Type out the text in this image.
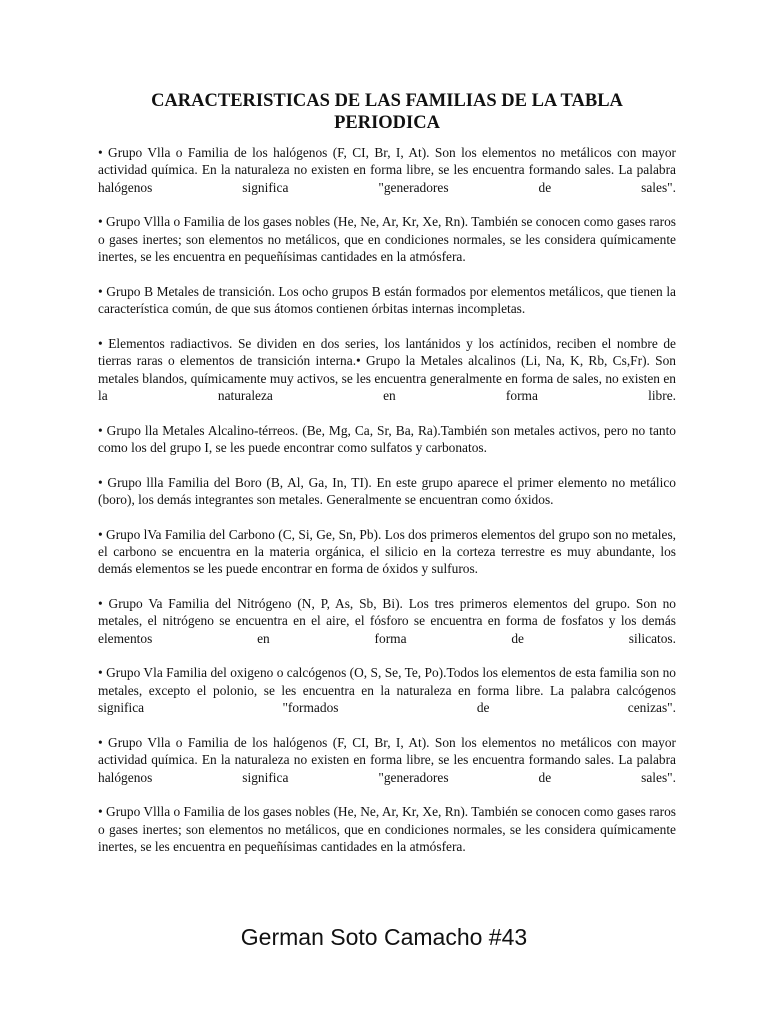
CARACTERISTICAS DE LAS FAMILIAS DE LA TABLA PERIODICA

• Grupo Vlla o Familia de los halógenos (F, CI, Br, I, At). Son los elementos no metálicos con mayor actividad química. En la naturaleza no existen en forma libre, se les encuentra formando sales. La palabra halógenos significa "generadores de sales".

• Grupo Vllla o Familia de los gases nobles (He, Ne, Ar, Kr, Xe, Rn). También se conocen como gases raros o gases inertes; son elementos no metálicos, que en condiciones normales, se les considera químicamente inertes, se les encuentra en pequeñísimas cantidades en la atmósfera.

• Grupo B Metales de transición. Los ocho grupos B están formados por elementos metálicos, que tienen la característica común, de que sus átomos contienen órbitas internas incompletas.

• Elementos radiactivos. Se dividen en dos series, los lantánidos y los actínidos, reciben el nombre de tierras raras o elementos de transición interna.• Grupo la Metales alcalinos (Li, Na, K, Rb, Cs,Fr). Son metales blandos, químicamente muy activos, se les encuentra generalmente en forma de sales, no existen en la naturaleza en forma libre.

• Grupo lla Metales Alcalino-térreos. (Be, Mg, Ca, Sr, Ba, Ra).También son metales activos, pero no tanto como los del grupo I, se les puede encontrar como sulfatos y carbonatos.

• Grupo llla Familia del Boro (B, Al, Ga, In, TI). En este grupo aparece el primer elemento no metálico (boro), los demás integrantes son metales. Generalmente se encuentran como óxidos.

• Grupo lVa Familia del Carbono (C, Si, Ge, Sn, Pb). Los dos primeros elementos del grupo son no metales, el carbono se encuentra en la materia orgánica, el silicio en la corteza terrestre es muy abundante, los demás elementos se les puede encontrar en forma de óxidos y sulfuros.

• Grupo Va Familia del Nitrógeno (N, P, As, Sb, Bi). Los tres primeros elementos del grupo. Son no metales, el nitrógeno se encuentra en el aire, el fósforo se encuentra en forma de fosfatos y los demás elementos en forma de silicatos.

• Grupo Vla Familia del oxigeno o calcógenos (O, S, Se, Te, Po).Todos los elementos de esta familia son no metales, excepto el polonio, se les encuentra en la naturaleza en forma libre. La palabra calcógenos significa "formados de cenizas".

• Grupo Vlla o Familia de los halógenos (F, CI, Br, I, At). Son los elementos no metálicos con mayor actividad química. En la naturaleza no existen en forma libre, se les encuentra formando sales. La palabra halógenos significa "generadores de sales".

• Grupo Vllla o Familia de los gases nobles (He, Ne, Ar, Kr, Xe, Rn). También se conocen como gases raros o gases inertes; son elementos no metálicos, que en condiciones normales, se les considera químicamente inertes, se les encuentra en pequeñísimas cantidades en la atmósfera.

German Soto Camacho #43
